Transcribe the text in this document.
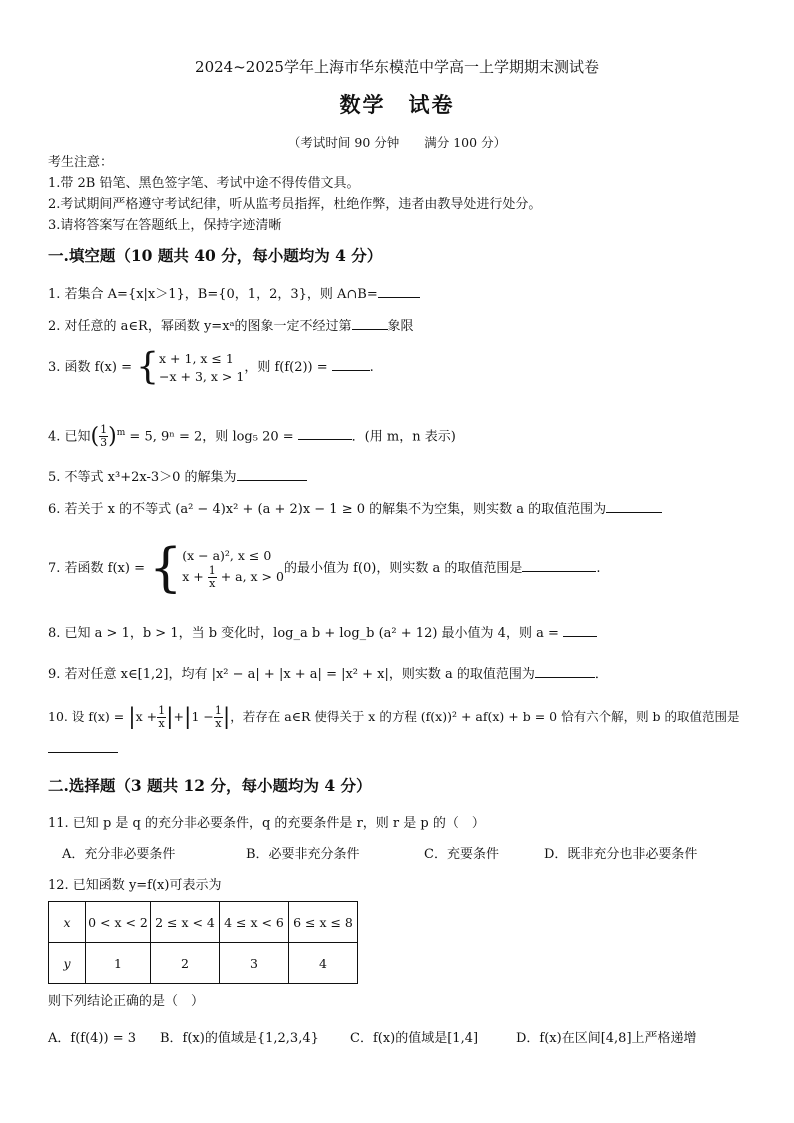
2024~2025学年上海市华东模范中学高一上学期期末测试卷
数学　试卷
（考试时间 90 分钟　　满分 100 分）
考生注意：
1.带 2B 铅笔、黑色签字笔、考试中途不得传借文具。
2.考试期间严格遵守考试纪律，听从监考员指挥，杜绝作弊，违者由教导处进行处分。
3.请将答案写在答题纸上，保持字迹清晰
一.填空题（10 题共 40 分，每小题均为 4 分）
1. 若集合 A={x|x＞1}，B={0，1，2，3}，则 A∩B=
2. 对任意的 a∈R，幂函数 y=xᵃ的图象一定不经过第	象限
3. 函数 f(x) = { x + 1, x ≤ 1
−x + 3, x > 1
，则 f(f(2)) =	.
4. 已知( $\frac{1}{3} )^m = 5$, 9ⁿ = 2，则 log₅ 20 =	．(用 m，n 表示)
5. 不等式 x³+2x-3＞0 的解集为
6. 若关于 x 的不等式 (a² − 4)x² + (a + 2)x − 1 ≥ 0 的解集不为空集，则实数 a 的取值范围为
7. 若函数 f(x) = { (x − a)², x ≤ 0
$x + \frac{1}{x} + a$, x > 0
的最小值为 f(0)，则实数 a 的取值范围是	.
8. 已知 a > 1，b > 1，当 b 变化时，log_a b + log_b (a² + 12) 最小值为 4，则 a =
9. 若对任意 x∈[1,2]，均有 |x² − a| + |x + a| = |x² + x|，则实数 a 的取值范围为	．
10. 设 $f(x) = |x + \frac{1}{x} |+|1 - \frac{1}{x}$ |，若存在 a∈R 使得关于 x 的方程 (f(x))² + af(x) + b = 0 恰有六个解，则 b 的取值范围是
二.选择题（3 题共 12 分，每小题均为 4 分）
11. 已知 p 是 q 的充分非必要条件，q 的充要条件是 r，则 r 是 p 的（　）
A．充分非必要条件	B．必要非充分条件	C．充要条件	D．既非充分也非必要条件
12. 已知函数 y=f(x)可表示为
x	0 < x < 2	2 ≤ x < 4	4 ≤ x < 6	6 ≤ x ≤ 8
y	1	2	3	4
则下列结论正确的是（　）
A．f(f(4)) = 3 B．f(x)的值域是{1,2,3,4} C．f(x)的值域是[1,4]	D．f(x)在区间[4,8]上严格递增
